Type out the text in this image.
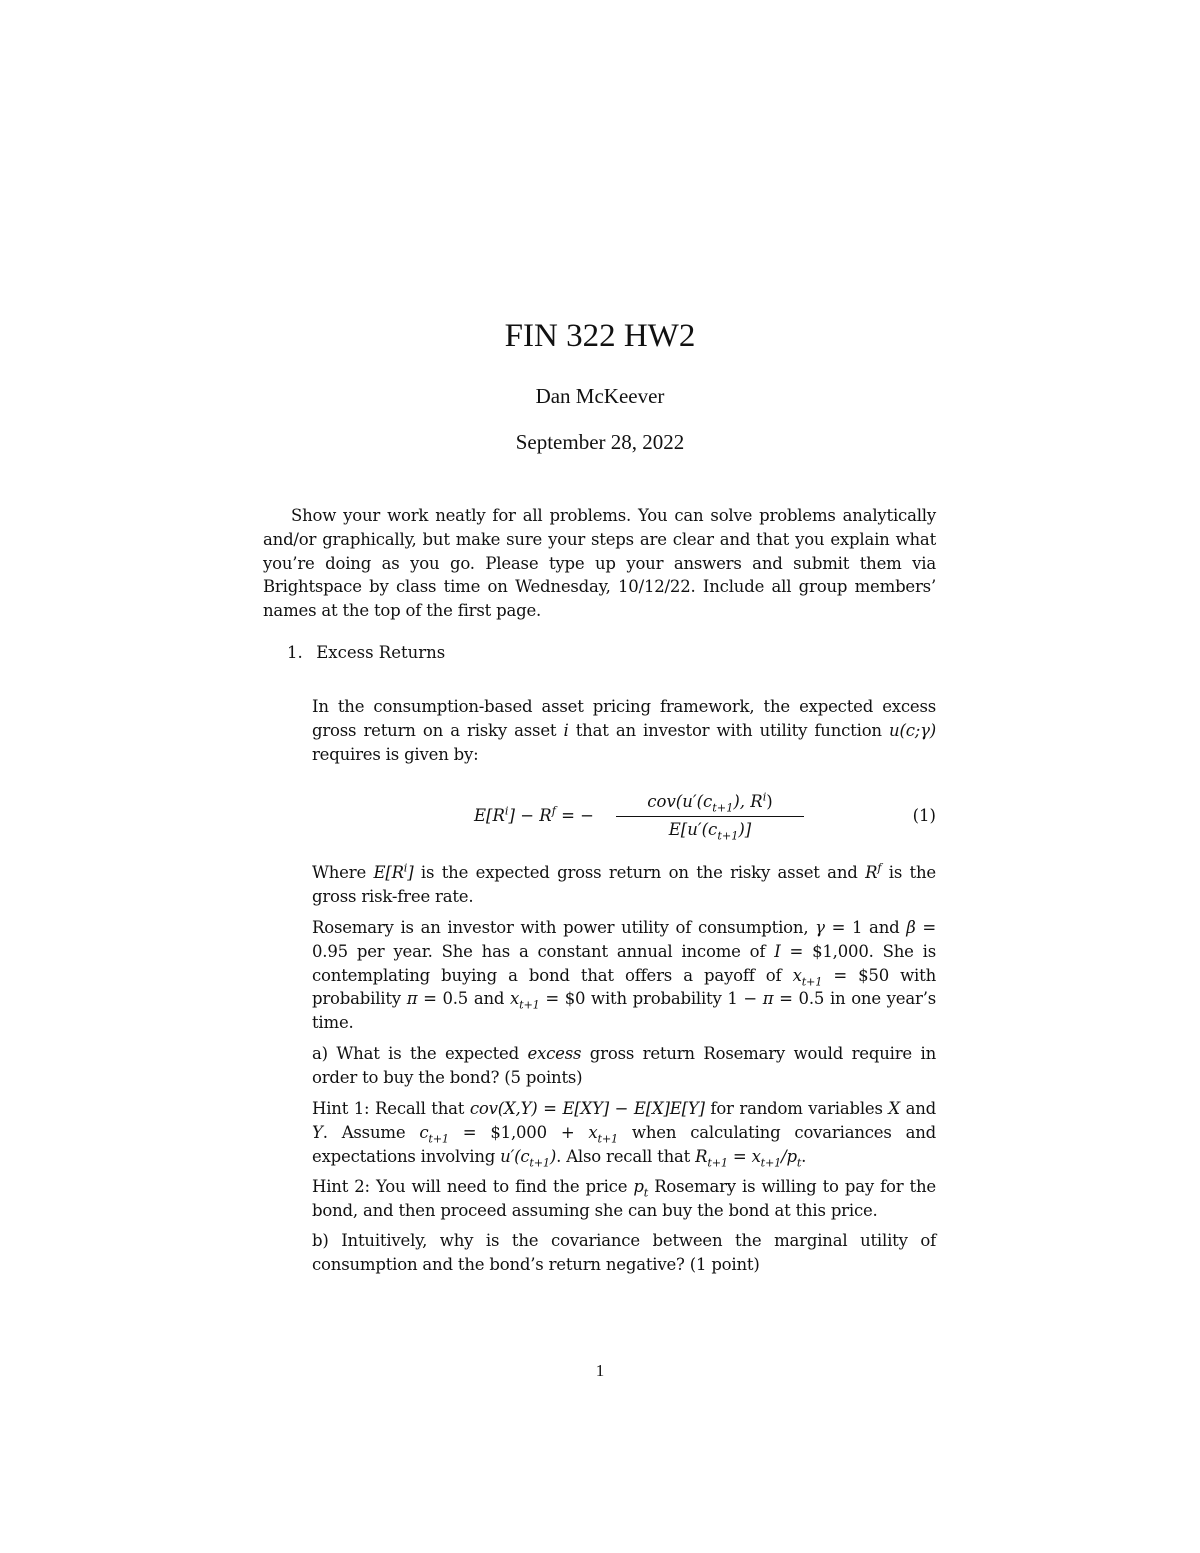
FIN 322 HW2
Dan McKeever
September 28, 2022
Show your work neatly for all problems. You can solve problems analytically and/or graphically, but make sure your steps are clear and that you explain what you’re doing as you go. Please type up your answers and submit them via Brightspace by class time on Wednesday, 10/12/22. Include all group members’ names at the top of the first page.
1. Excess Returns
In the consumption-based asset pricing framework, the expected excess gross return on a risky asset i that an investor with utility function u(c;γ) requires is given by:
$E[R^i] - R^f$ = −
$cov(u'(c_{t+1})$, $R^i$)
$E[u'(c_{t+1})]$
(1)
Where $E[R^i]$ is the expected gross return on the risky asset and $R^f$ is the gross risk-free rate.
Rosemary is an investor with power utility of consumption, γ = 1 and β = 0.95 per year. She has a constant annual income of I = $1,000. She is contemplating buying a bond that offers a payoff of $x_{t+1}$ = $50 with probability π = 0.5 and $x_{t+1}$ = $0 with probability 1 − π = 0.5 in one year’s time.
a) What is the expected excess gross return Rosemary would require in order to buy the bond? (5 points)
Hint 1: Recall that cov(X,Y) = E[XY] − E[X]E[Y] for random variables X and Y. Assume $c_{t+1}$ = $1,000 + $x_{t+1}$ when calculating covariances and expectations involving $u'(c_{t+1})$. Also recall that $R_{t+1} = x_{t+1}/p_t$.
Hint 2: You will need to find the price $p_t$ Rosemary is willing to pay for the bond, and then proceed assuming she can buy the bond at this price.
b) Intuitively, why is the covariance between the marginal utility of consumption and the bond’s return negative? (1 point)
1
